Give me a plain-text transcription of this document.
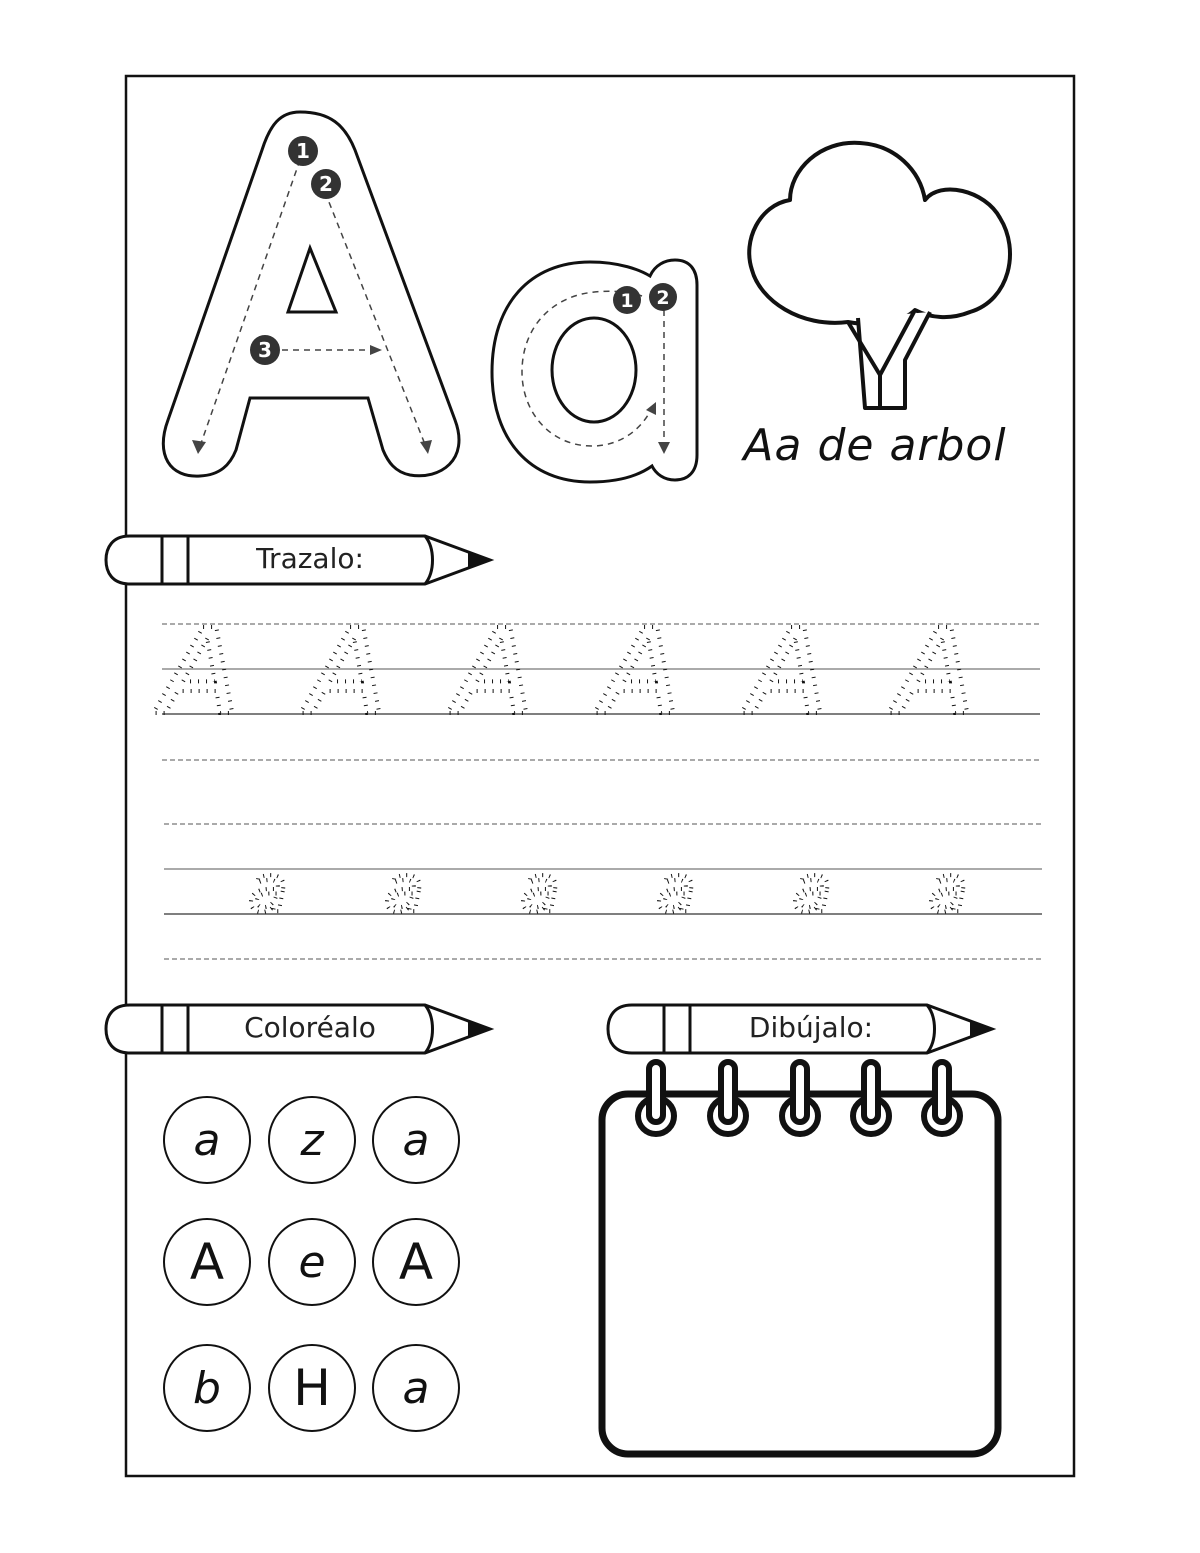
A A A A A A
a a a a a a
1
2
3
1 2
Aa de arbol
Trazalo:
Coloréalo	Dibújalo:
a	z	a
A	e	A
b	H	a
